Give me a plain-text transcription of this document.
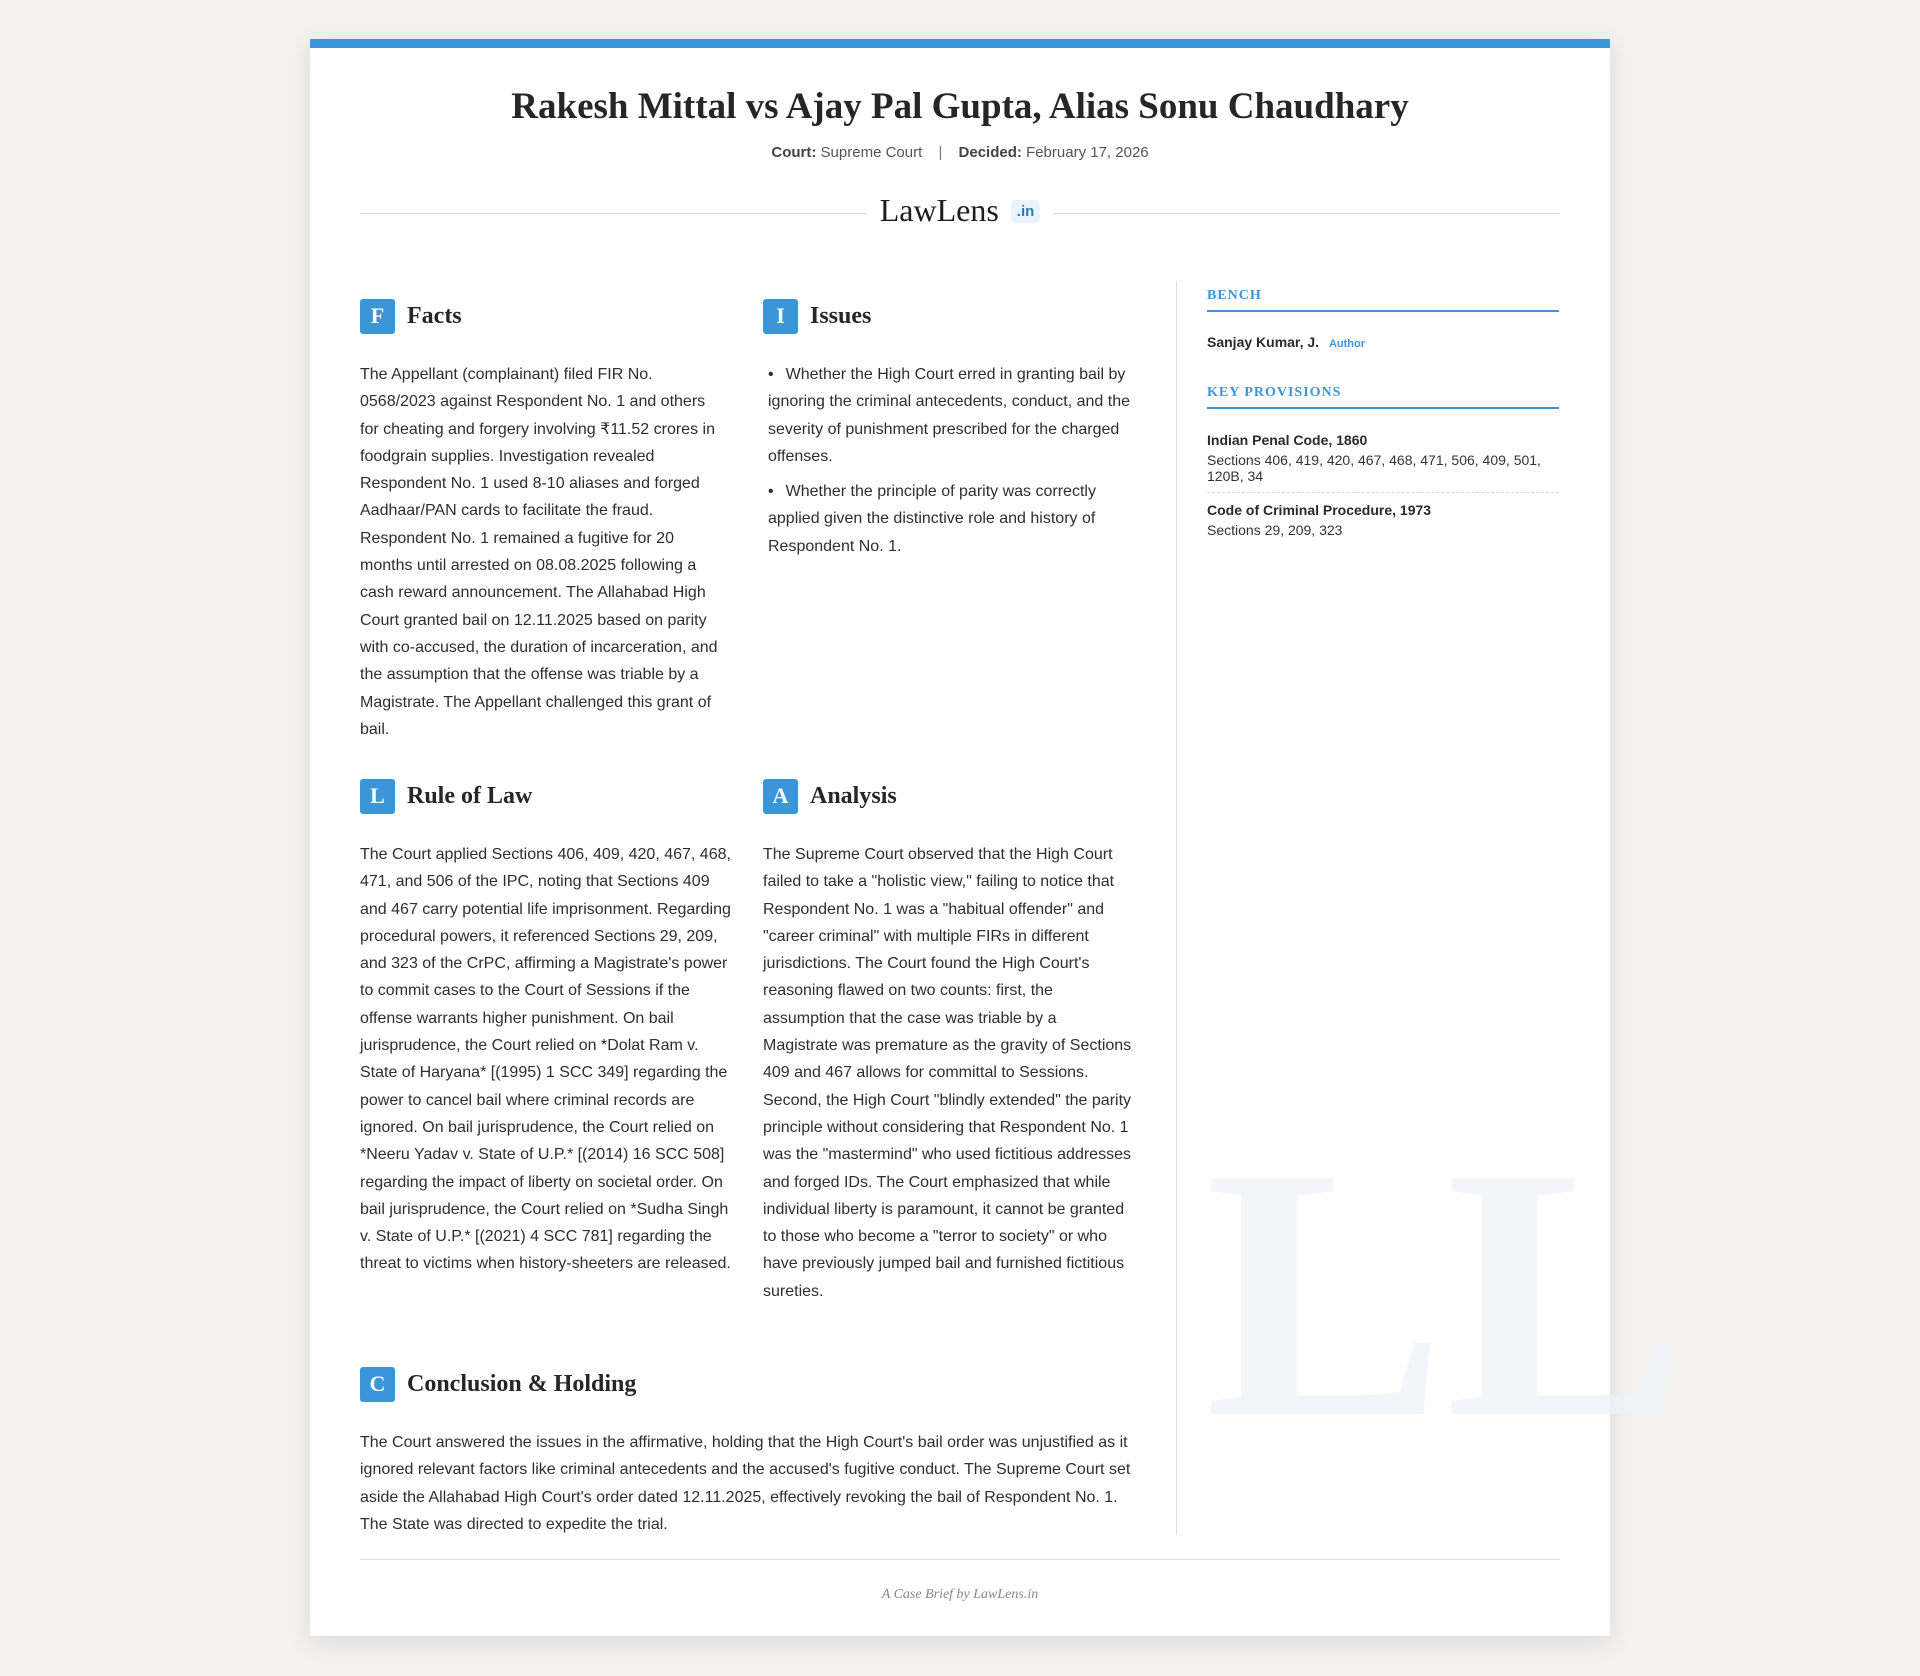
Rakesh Mittal vs Ajay Pal Gupta, Alias Sonu Chaudhary
Court: Supreme Court | Decided: February 17, 2026
LawLens .in
LL
F Facts
The Appellant (complainant) filed FIR No. 0568/2023 against Respondent No. 1 and others for cheating and forgery involving ₹11.52 crores in foodgrain supplies. Investigation revealed Respondent No. 1 used 8-10 aliases and forged Aadhaar/PAN cards to facilitate the fraud. Respondent No. 1 remained a fugitive for 20 months until arrested on 08.08.2025 following a cash reward announcement. The Allahabad High Court granted bail on 12.11.2025 based on parity with co-accused, the duration of incarceration, and the assumption that the offense was triable by a Magistrate. The Appellant challenged this grant of bail.
I	Issues
• Whether the High Court erred in granting bail by ignoring the criminal antecedents, conduct, and the severity of punishment prescribed for the charged offenses.
• Whether the principle of parity was correctly applied given the distinctive role and history of Respondent No. 1.
L Rule of Law
The Court applied Sections 406, 409, 420, 467, 468, 471, and 506 of the IPC, noting that Sections 409 and 467 carry potential life imprisonment. Regarding procedural powers, it referenced Sections 29, 209, and 323 of the CrPC, affirming a Magistrate's power to commit cases to the Court of Sessions if the offense warrants higher punishment. On bail jurisprudence, the Court relied on *Dolat Ram v. State of Haryana* [(1995) 1 SCC 349] regarding the power to cancel bail where criminal records are ignored. On bail jurisprudence, the Court relied on *Neeru Yadav v. State of U.P.* [(2014) 16 SCC 508] regarding the impact of liberty on societal order. On bail jurisprudence, the Court relied on *Sudha Singh v. State of U.P.* [(2021) 4 SCC 781] regarding the threat to victims when history-sheeters are released.
A Analysis
The Supreme Court observed that the High Court failed to take a "holistic view," failing to notice that Respondent No. 1 was a "habitual offender" and "career criminal" with multiple FIRs in different jurisdictions. The Court found the High Court's reasoning flawed on two counts: first, the assumption that the case was triable by a Magistrate was premature as the gravity of Sections 409 and 467 allows for committal to Sessions. Second, the High Court "blindly extended" the parity principle without considering that Respondent No. 1 was the "mastermind" who used fictitious addresses and forged IDs. The Court emphasized that while individual liberty is paramount, it cannot be granted to those who become a "terror to society" or who have previously jumped bail and furnished fictitious sureties.
C Conclusion & Holding
The Court answered the issues in the affirmative, holding that the High Court's bail order was unjustified as it ignored relevant factors like criminal antecedents and the accused's fugitive conduct. The Supreme Court set aside the Allahabad High Court's order dated 12.11.2025, effectively revoking the bail of Respondent No. 1. The State was directed to expedite the trial.
BENCH
Sanjay Kumar, J. Author
KEY PROVISIONS
Indian Penal Code, 1860
Sections 406, 419, 420, 467, 468, 471, 506, 409, 501, 120B, 34
Code of Criminal Procedure, 1973
Sections 29, 209, 323
A Case Brief by LawLens.in
